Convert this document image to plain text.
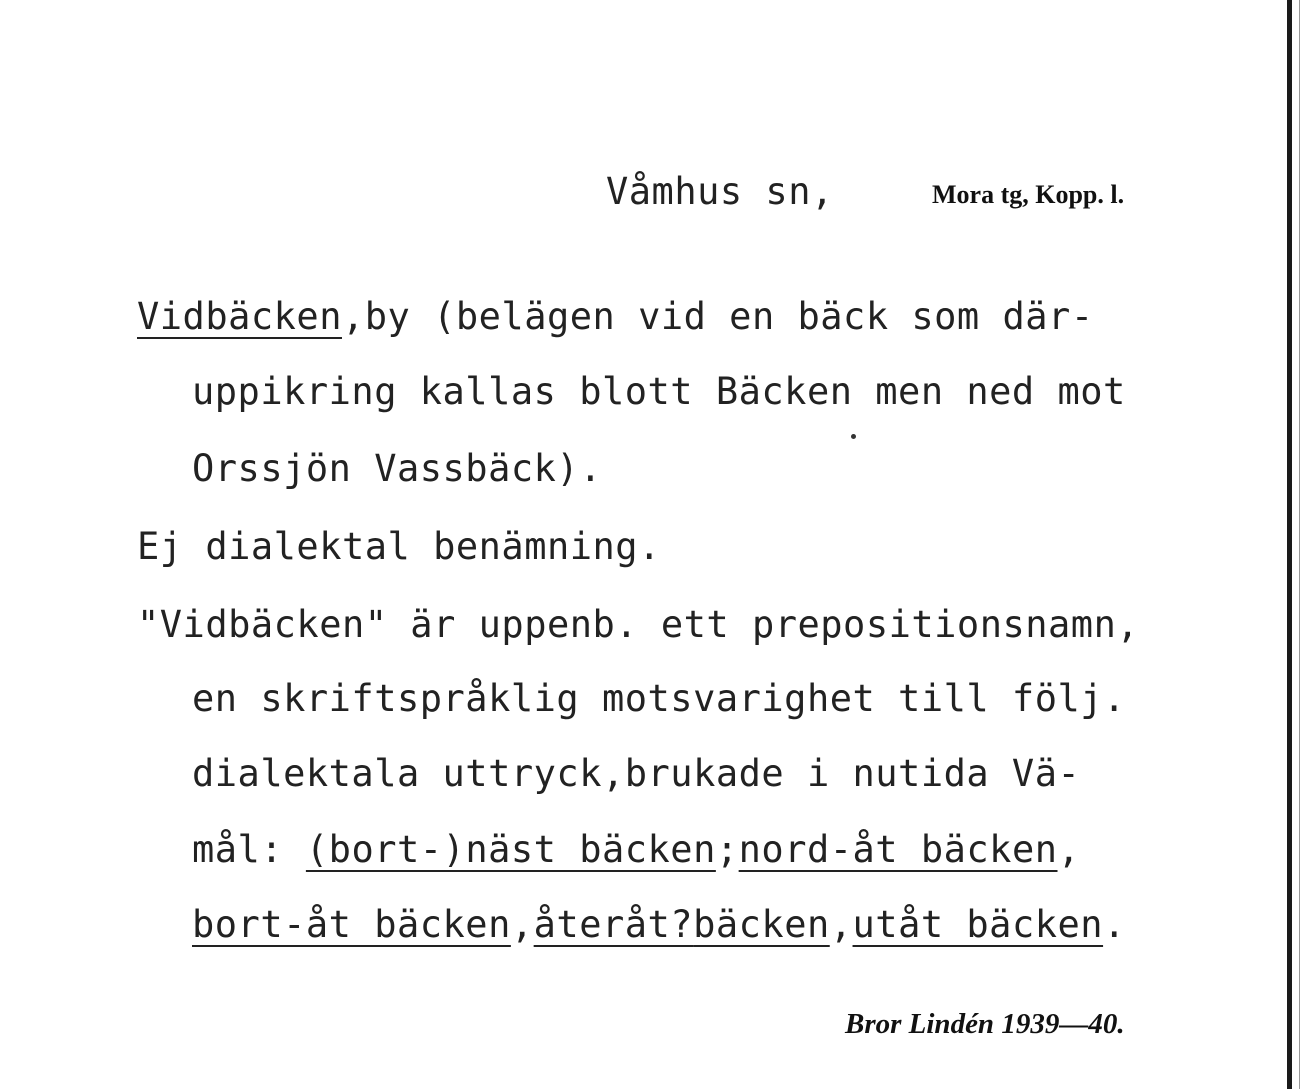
Våmhus sn,	Mora tg, Kopp. l.
Vidbäcken,by (belägen vid en bäck som där-
uppikring kallas blott Bäcken men ned mot
Orssjön Vassbäck).
Ej dialektal benämning.
"Vidbäcken" är uppenb. ett prepositionsnamn,
en skriftspråklig motsvarighet till följ.
dialektala uttryck,brukade i nutida Vä-
mål: (bort-)näst bäcken;nord-åt bäcken,
bort-åt bäcken,återåt?bäcken,utåt bäcken.
Bror Lindén 1939—40.
